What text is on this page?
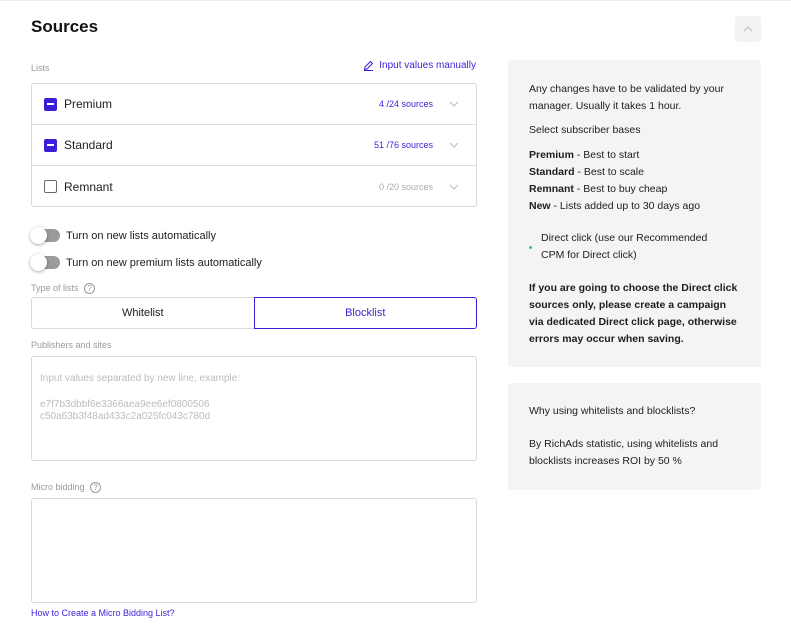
Sources
Lists	Input values manually
Premium	4 /24 sources
Standard	51 /76 sources
Remnant	0 /20 sources
Turn on new lists automatically
Turn on new premium lists automatically
Type of lists ?
Whitelist	Blocklist
Publishers and sites
Input values separated by new line, example:
e7f7b3dbbf6e3366aea9ee6ef0800506
c50a63b3f48ad433c2a025fc043c780d
Micro bidding ?
How to Create a Micro Bidding List?
Any changes have to be validated by your manager. Usually it takes 1 hour.
Select subscriber bases
Premium - Best to start
Standard - Best to scale
Remnant - Best to buy cheap
New - Lists added up to 30 days ago
Direct click (use our Recommended CPM for Direct click)
If you are going to choose the Direct click sources only, please create a campaign via dedicated Direct click page, otherwise errors may occur when saving.
Why using whitelists and blocklists?
By RichAds statistic, using whitelists and blocklists increases ROI by 50 %
